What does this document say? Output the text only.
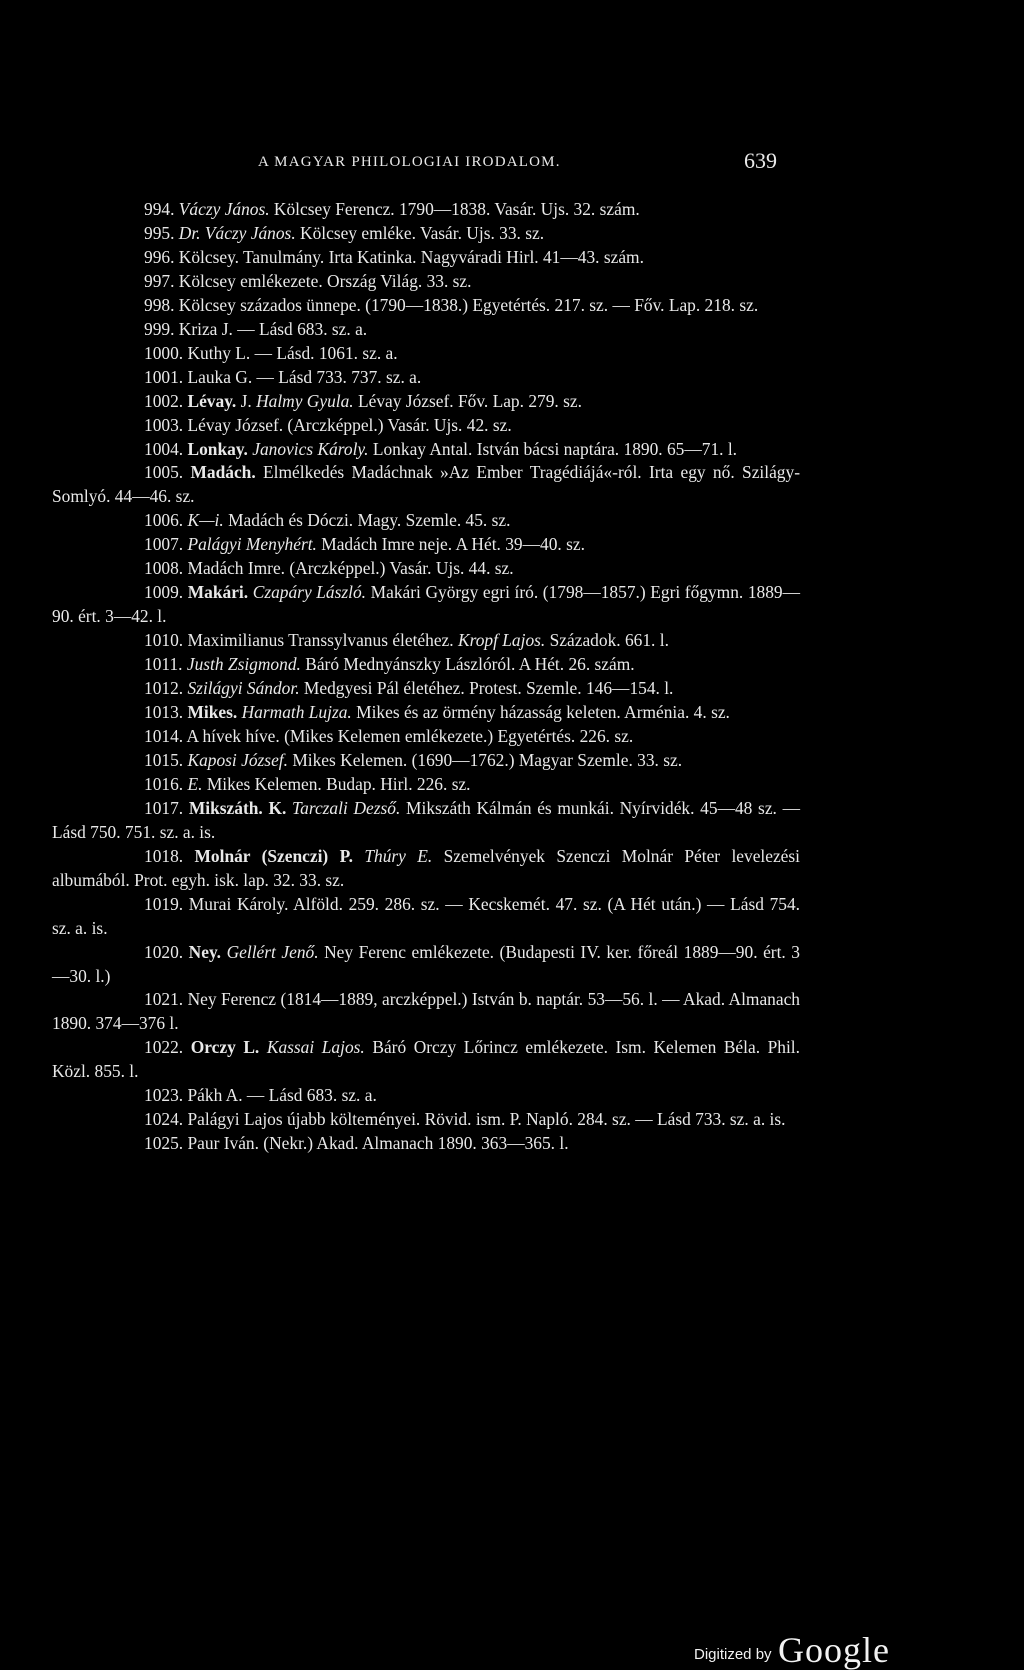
A MAGYAR PHILOLOGIAI IRODALOM.	639

994. Váczy János. Kölcsey Ferencz. 1790—1838. Vasár. Ujs. 32. szám.

995. Dr. Váczy János. Kölcsey emléke. Vasár. Ujs. 33. sz.

996. Kölcsey. Tanulmány. Irta Katinka. Nagyváradi Hirl. 41—43. szám.

997. Kölcsey emlékezete. Ország Világ. 33. sz.

998. Kölcsey százados ünnepe. (1790—1838.) Egyetértés. 217. sz. — Főv. Lap. 218. sz.

999. Kriza J. — Lásd 683. sz. a.

1000. Kuthy L. — Lásd. 1061. sz. a.

1001. Lauka G. — Lásd 733. 737. sz. a.

1002. Lévay. J. Halmy Gyula. Lévay József. Főv. Lap. 279. sz.

1003. Lévay József. (Arczképpel.) Vasár. Ujs. 42. sz.

1004. Lonkay. Janovics Károly. Lonkay Antal. István bácsi naptára. 1890. 65—71. l.

1005. Madách. Elmélkedés Madáchnak »Az Ember Tragédiájá«-ról. Irta egy nő. Szilágy-Somlyó. 44—46. sz.

1006. K—i. Madách és Dóczi. Magy. Szemle. 45. sz.

1007. Palágyi Menyhért. Madách Imre neje. A Hét. 39—40. sz.

1008. Madách Imre. (Arczképpel.) Vasár. Ujs. 44. sz.

1009. Makári. Czapáry László. Makári György egri író. (1798—1857.) Egri főgymn. 1889—90. ért. 3—42. l.

1010. Maximilianus Transsylvanus életéhez. Kropf Lajos. Századok. 661. l.

1011. Justh Zsigmond. Báró Mednyánszky Lászlóról. A Hét. 26. szám.

1012. Szilágyi Sándor. Medgyesi Pál életéhez. Protest. Szemle. 146—154. l.

1013. Mikes. Harmath Lujza. Mikes és az örmény házasság keleten. Arménia. 4. sz.

1014. A hívek híve. (Mikes Kelemen emlékezete.) Egyetértés. 226. sz.

1015. Kaposi József. Mikes Kelemen. (1690—1762.) Magyar Szemle. 33. sz.

1016. E. Mikes Kelemen. Budap. Hirl. 226. sz.

1017. Mikszáth. K. Tarczali Dezső. Mikszáth Kálmán és munkái. Nyírvidék. 45—48 sz. — Lásd 750. 751. sz. a. is.

1018. Molnár (Szenczi) P. Thúry E. Szemelvények Szenczi Molnár Péter levelezési albumából. Prot. egyh. isk. lap. 32. 33. sz.

1019. Murai Károly. Alföld. 259. 286. sz. — Kecskemét. 47. sz. (A Hét után.) — Lásd 754. sz. a. is.

1020. Ney. Gellért Jenő. Ney Ferenc emlékezete. (Budapesti IV. ker. főreál 1889—90. ért. 3—30. l.)

1021. Ney Ferencz (1814—1889, arczképpel.) István b. naptár. 53—56. l. — Akad. Almanach 1890. 374—376 l.

1022. Orczy L. Kassai Lajos. Báró Orczy Lőrincz emlékezete. Ism. Kelemen Béla. Phil. Közl. 855. l.

1023. Pákh A. — Lásd 683. sz. a.

1024. Palágyi Lajos újabb költeményei. Rövid. ism. P. Napló. 284. sz. — Lásd 733. sz. a. is.

1025. Paur Iván. (Nekr.) Akad. Almanach 1890. 363—365. l.

Digitized by Google
